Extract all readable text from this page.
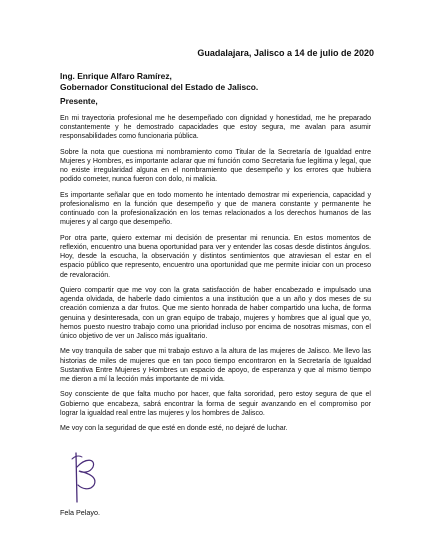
Guadalajara, Jalisco a 14 de julio de 2020
Ing. Enrique Alfaro Ramírez,
Gobernador Constitucional del Estado de Jalisco.
Presente,

En mi trayectoria profesional me he desempeñado con dignidad y honestidad, me he preparado constantemente y he demostrado capacidades que estoy segura, me avalan para asumir responsabilidades como funcionaria pública.

Sobre la nota que cuestiona mi nombramiento como Titular de la Secretaría de Igualdad entre Mujeres y Hombres, es importante aclarar que mi función como Secretaria fue legítima y legal, que no existe irregularidad alguna en el nombramiento que desempeño y los errores que hubiera podido cometer, nunca fueron con dolo, ni malicia.

Es importante señalar que en todo momento he intentado demostrar mi experiencia, capacidad y profesionalismo en la función que desempeño y que de manera constante y permanente he continuado con la profesionalización en los temas relacionados a los derechos humanos de las mujeres y al cargo que desempeño.

Por otra parte, quiero externar mi decisión de presentar mi renuncia. En estos momentos de reflexión, encuentro una buena oportunidad para ver y entender las cosas desde distintos ángulos. Hoy, desde la escucha, la observación y distintos sentimientos que atraviesan el estar en el espacio público que represento, encuentro una oportunidad que me permite iniciar con un proceso de revaloración.

Quiero compartir que me voy con la grata satisfacción de haber encabezado e impulsado una agenda olvidada, de haberle dado cimientos a una institución que a un año y dos meses de su creación comienza a dar frutos. Que me siento honrada de haber compartido una lucha, de forma genuina y desinteresada, con un gran equipo de trabajo, mujeres y hombres que al igual que yo, hemos puesto nuestro trabajo como una prioridad incluso por encima de nosotras mismas, con el único objetivo de ver un Jalisco más igualitario.

Me voy tranquila de saber que mi trabajo estuvo a la altura de las mujeres de Jalisco. Me llevo las historias de miles de mujeres que en tan poco tiempo encontraron en la Secretaría de Igualdad Sustantiva Entre Mujeres y Hombres un espacio de apoyo, de esperanza y que al mismo tiempo me dieron a mí la lección más importante de mi vida.

Soy consciente de que falta mucho por hacer, que falta sororidad, pero estoy segura de que el Gobierno que encabeza, sabrá encontrar la forma de seguir avanzando en el compromiso por lograr la igualdad real entre las mujeres y los hombres de Jalisco.

Me voy con la seguridad de que esté en donde esté, no dejaré de luchar.

Fela Pelayo.
